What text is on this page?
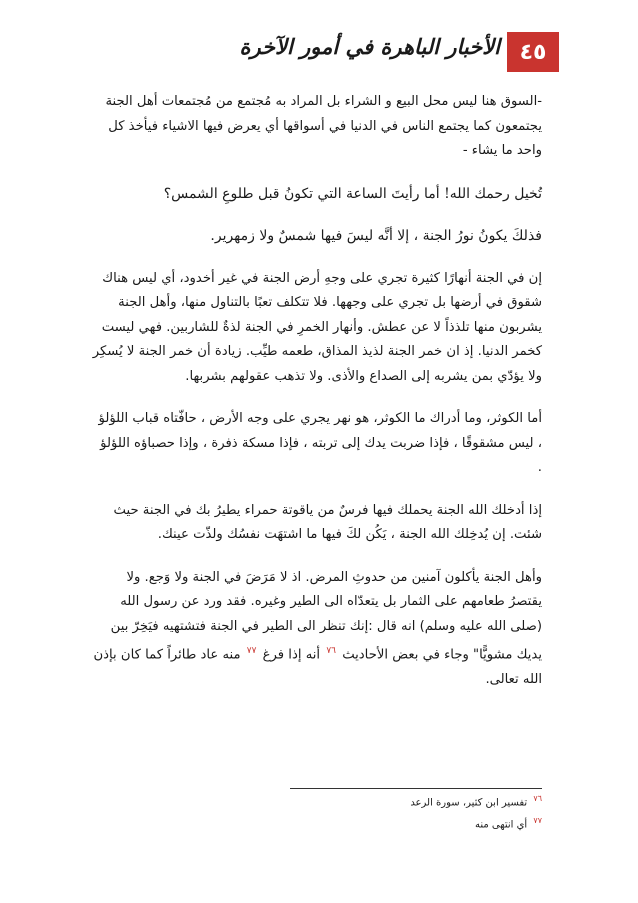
٤٥
الأخبار الباهرة في أمور الآخرة

-السوق هنا ليس محل البيع و الشراء بل المراد به مُجتمع من مُجتمعات أهل الجنة يجتمعون كما يجتمع الناس في الدنيا في أسواقها أي يعرض فيها الاشياء فيأخذ كل واحد ما يشاء -

تُخيل رحمك الله! أما رأيتَ الساعة التي تكونُ قبل طلوعِ الشمس؟

فذلكَ يكونُ نورُ الجنة ، إلا أنَّه ليسَ فيها شمسٌ ولا زمهرير.

إن في الجنة أنهارًا كثيرة تجري على وجهِ أرض الجنة في غير أخدود، أي ليس هناك شقوق في أرضها بل تجري على وجهها. فلا تتكلف تعبًا بالتناول منها، وأهل الجنة يشربون منها تلذذاً لا عن عطش. وأنهار الخمرِ في الجنة لذةٌ للشاربين. فهي ليست كخمر الدنيا. إذ ان خمر الجنة لذيذ المذاق، طعمه طيِّب. زيادة أن خمر الجنة لا يُسكِر ولا يؤدّي بمن يشربه إلى الصداع والأذى. ولا تذهب عقولهم بشربها.

أما الكوثر، وما أدراك ما الكوثر، هو نهر يجري على وجه الأرض ، حافّتاه قباب اللؤلؤ ، ليس مشقوقًا ، فإذا ضربت يدك إلى تربته ، فإذا مسكة ذفرة ، وإذا حصباؤه اللؤلؤ .

إذا أدخلك الله الجنة يحملك فيها فرسٌ من ياقوتة حمراء يطيرُ بك في الجنة حيث شئت. إن يُدخِلك الله الجنة ، يَكُن لكَ فيها ما اشتهَت نفسُك ولذّت عينك.

وأهل الجنة يأكلون آمنين من حدوثِ المرض. اذ لا مَرَضَ في الجنة ولا وَجع. ولا يقتصرُ طعامهم على الثمار بل يتعدّاه الى الطير وغيره. فقد ورد عن رسول الله (صلى الله عليه وسلم) انه قال :إنك تنظر الى الطير في الجنة فتشتهيه فيَخِرّ بين يديك مشويًّا" وجاء في بعض الأحاديث $^{٧٦}$ أنه إذا فرغ $^{٧٧}$ منه عاد طائراً كما كان بإذن الله تعالى.

$^{٧٦}$ تفسير ابن كثير، سورة الرعد
$^{٧٧}$ أي انتهى منه
